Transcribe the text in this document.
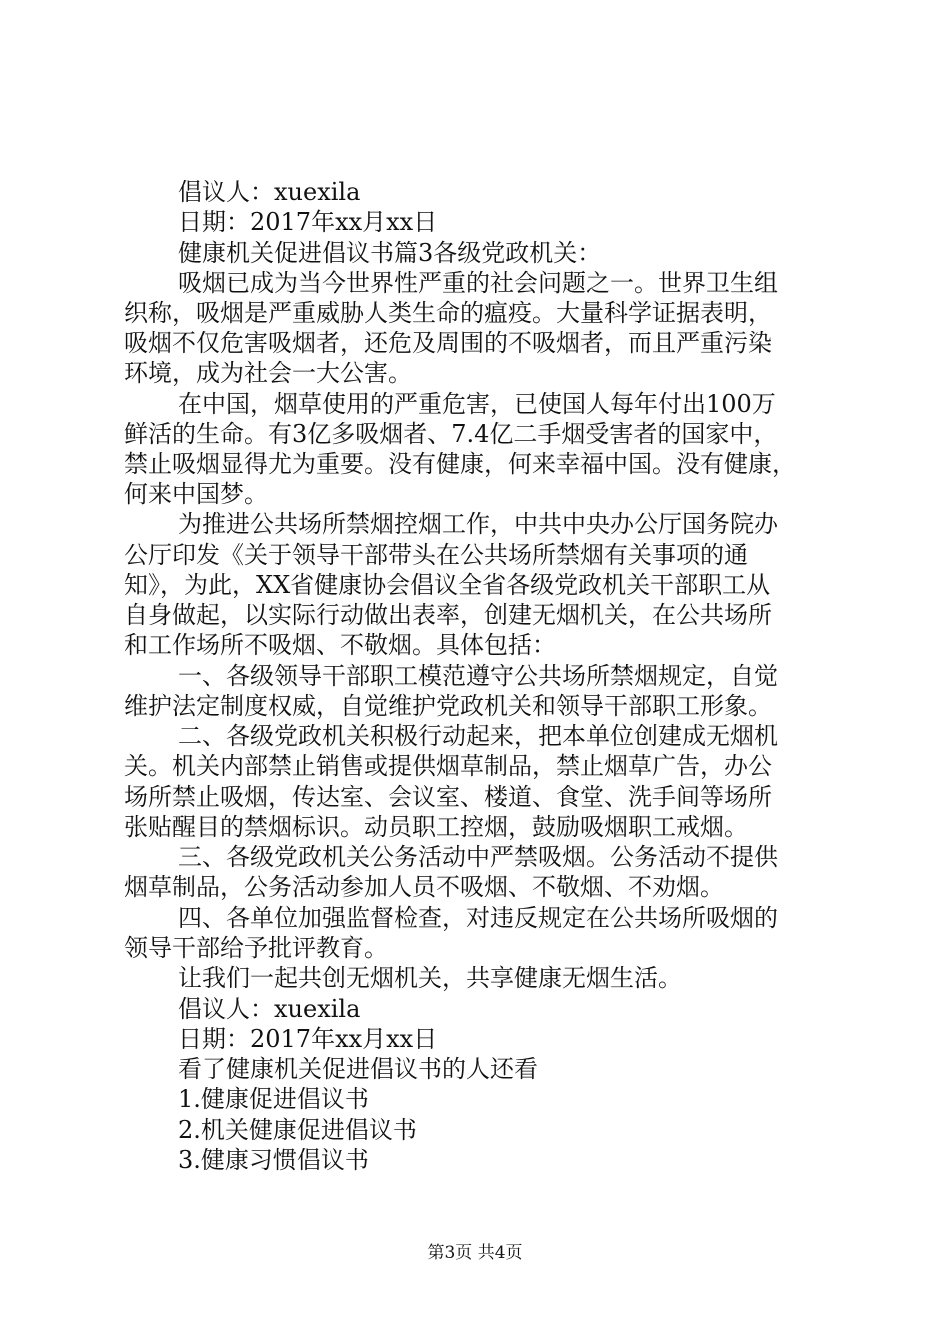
倡议人：xuexila
日期：2017年xx月xx日
健康机关促进倡议书篇3各级党政机关：
吸烟已成为当今世界性严重的社会问题之一。世界卫生组
织称，吸烟是严重威胁人类生命的瘟疫。大量科学证据表明，
吸烟不仅危害吸烟者，还危及周围的不吸烟者，而且严重污染
环境，成为社会一大公害。
在中国，烟草使用的严重危害，已使国人每年付出100万
鲜活的生命。有3亿多吸烟者、7.4亿二手烟受害者的国家中，
禁止吸烟显得尤为重要。没有健康，何来幸福中国。没有健康，
何来中国梦。
为推进公共场所禁烟控烟工作，中共中央办公厅国务院办
公厅印发《关于领导干部带头在公共场所禁烟有关事项的通
知》，为此，XX省健康协会倡议全省各级党政机关干部职工从
自身做起，以实际行动做出表率，创建无烟机关，在公共场所
和工作场所不吸烟、不敬烟。具体包括：
一、各级领导干部职工模范遵守公共场所禁烟规定，自觉
维护法定制度权威，自觉维护党政机关和领导干部职工形象。
二、各级党政机关积极行动起来，把本单位创建成无烟机
关。机关内部禁止销售或提供烟草制品，禁止烟草广告，办公
场所禁止吸烟，传达室、会议室、楼道、食堂、洗手间等场所
张贴醒目的禁烟标识。动员职工控烟，鼓励吸烟职工戒烟。
三、各级党政机关公务活动中严禁吸烟。公务活动不提供
烟草制品，公务活动参加人员不吸烟、不敬烟、不劝烟。
四、各单位加强监督检查，对违反规定在公共场所吸烟的
领导干部给予批评教育。
让我们一起共创无烟机关，共享健康无烟生活。
倡议人：xuexila
日期：2017年xx月xx日
看了健康机关促进倡议书的人还看
1.健康促进倡议书
2.机关健康促进倡议书
3.健康习惯倡议书
第3页 共4页
